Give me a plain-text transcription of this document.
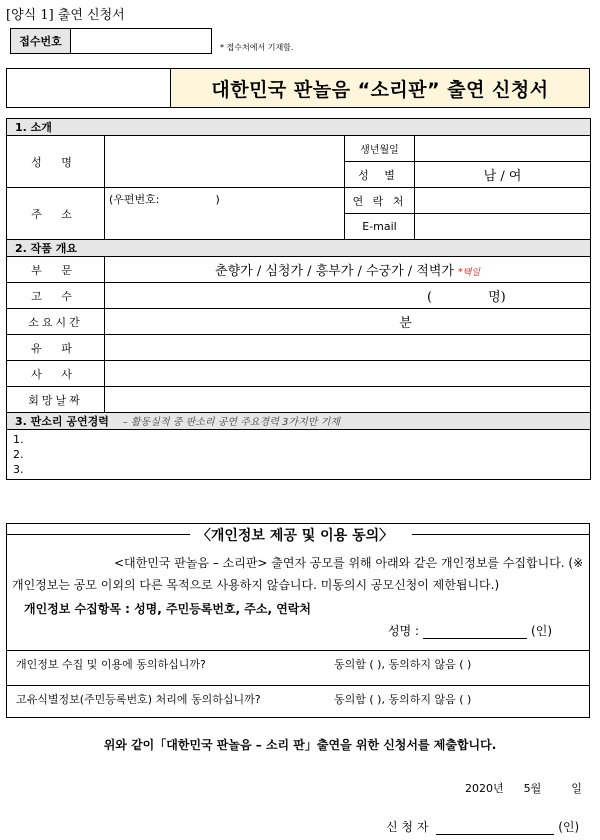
[양식 1] 출연 신청서
접수번호	* 접수처에서 기재함.
대한민국 판놀음 “소리판” 출연 신청서
1. 소개			
성 명		생년월일	
		성 별	남 / 여
주 소	(우편번호: )	연 락 처	
		E-mail	
2. 작품 개요			
부 문	춘향가 / 심청가 / 흥부가 / 수궁가 / 적벽가 *택일		
고 수	( 명)		
소요시간	분		
유 파			
사 사			
회망날짜			
3. 판소리 공연경력 – 활동실적 중 판소리 공연 주요경력 3가지만 기재			

1.
2.
3.			
〈개인정보 제공 및 이용 동의〉
<대한민국 판놀음 – 소리판> 출연자 공모를 위해 아래와 같은 개인정보를 수집합니다. (※개인정보는 공모 이외의 다른 목적으로 사용하지 않습니다. 미동의시 공모신청이 제한됩니다.)
개인정보 수집항목 : 성명, 주민등록번호, 주소, 연락처
성명 :	(인)
개인정보 수집 및 이용에 동의하십니까?	동의함 ( ), 동의하지 않음 ( )
고유식별정보(주민등록번호) 처리에 동의하십니까?	동의함 ( ), 동의하지 않음 ( )
위와 같이「대한민국 판놀음 – 소리 판」출연을 위한 신청서를 제출합니다.
2020년 5월	일
신 청 자	(인)
